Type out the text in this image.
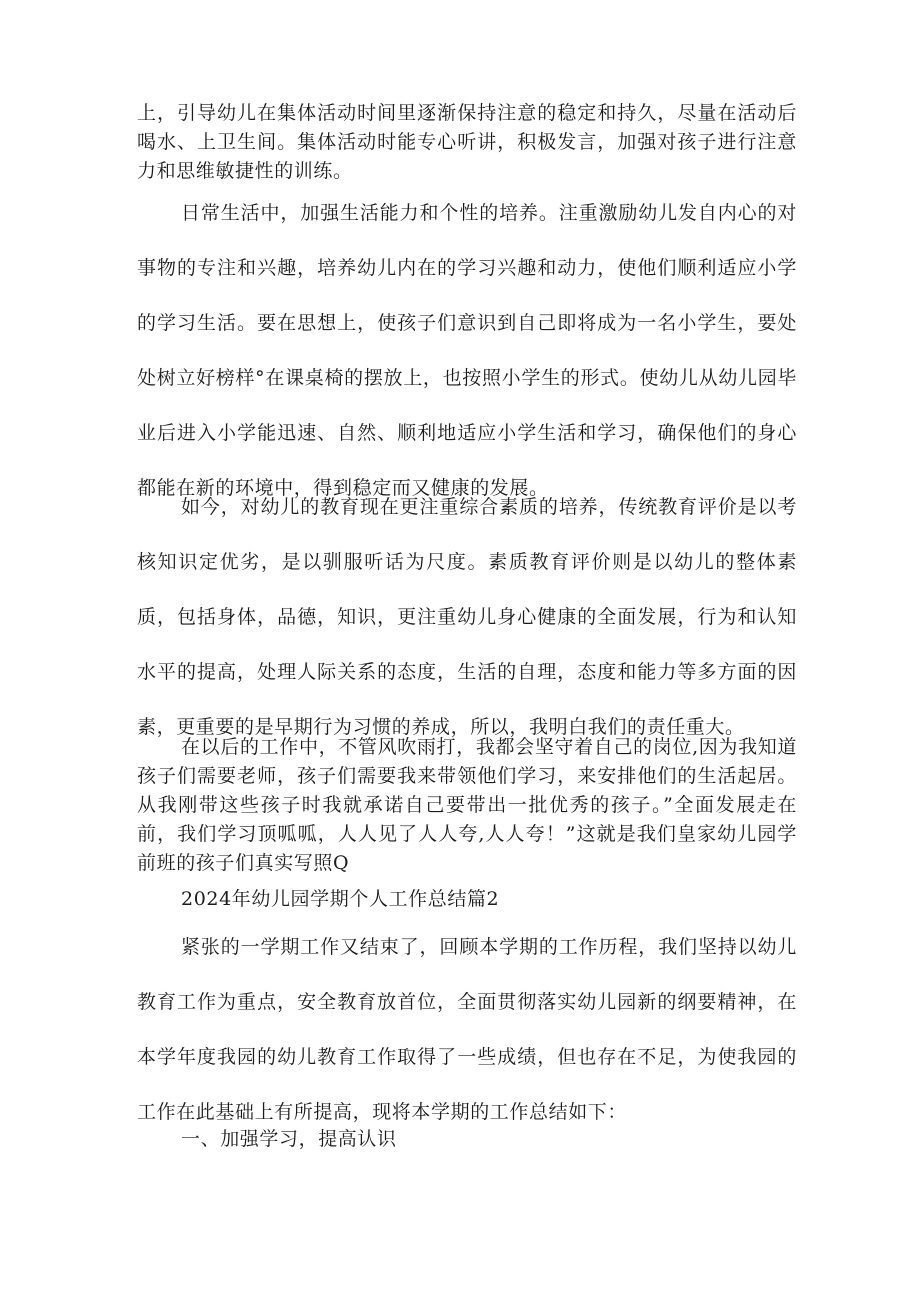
上，引导幼儿在集体活动时间里逐渐保持注意的稳定和持久，尽量在活动后喝水、上卫生间。集体活动时能专心听讲，积极发言，加强对孩子进行注意力和思维敏捷性的训练。

日常生活中，加强生活能力和个性的培养。注重激励幼儿发自内心的对事物的专注和兴趣，培养幼儿内在的学习兴趣和动力，使他们顺利适应小学的学习生活。要在思想上，使孩子们意识到自己即将成为一名小学生，要处处树立好榜样°在课桌椅的摆放上，也按照小学生的形式。使幼儿从幼儿园毕业后进入小学能迅速、自然、顺利地适应小学生活和学习，确保他们的身心都能在新的环境中，得到稳定而又健康的发展。

如今，对幼儿的教育现在更注重综合素质的培养，传统教育评价是以考核知识定优劣，是以驯服听话为尺度。素质教育评价则是以幼儿的整体素质，包括身体，品德，知识，更注重幼儿身心健康的全面发展，行为和认知水平的提高，处理人际关系的态度，生活的自理，态度和能力等多方面的因素，更重要的是早期行为习惯的养成，所以，我明白我们的责任重大。

在以后的工作中，不管风吹雨打，我都会坚守着自己的岗位,因为我知道孩子们需要老师，孩子们需要我来带领他们学习，来安排他们的生活起居。从我刚带这些孩子时我就承诺自己要带出一批优秀的孩子。”全面发展走在前，我们学习顶呱呱，人人见了人人夸,人人夸！”这就是我们皇家幼儿园学前班的孩子们真实写照Q

2024年幼儿园学期个人工作总结篇2

紧张的一学期工作又结束了，回顾本学期的工作历程，我们坚持以幼儿教育工作为重点，安全教育放首位，全面贯彻落实幼儿园新的纲要精神，在本学年度我园的幼儿教育工作取得了一些成绩，但也存在不足，为使我园的工作在此基础上有所提高，现将本学期的工作总结如下：

一、加强学习，提高认识
